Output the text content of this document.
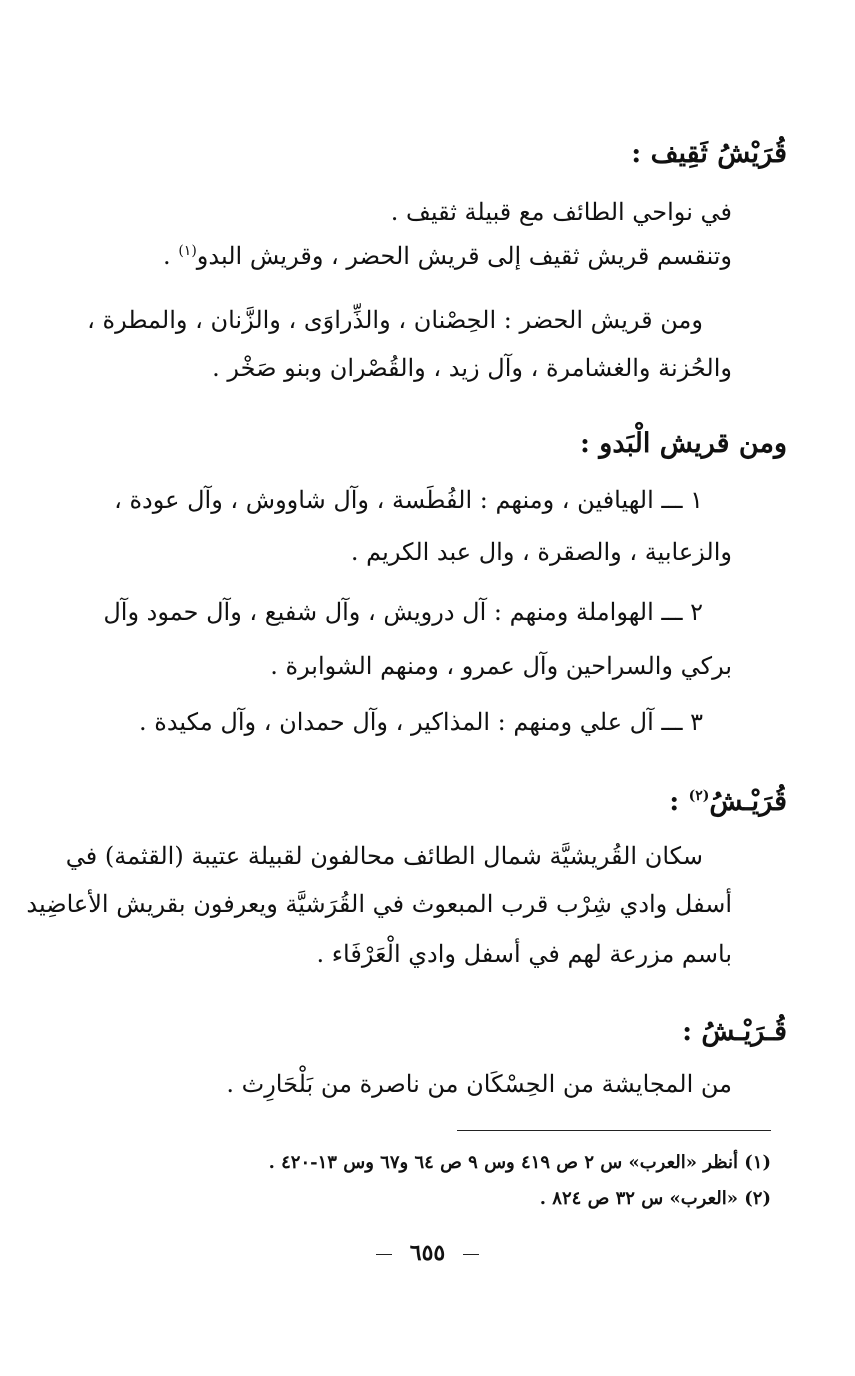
قُرَيْشُ ثَقِيف :
في نواحي الطائف مع قبيلة ثقيف .
وتنقسم قريش ثقيف إلى قريش الحضر ، وقريش البدو$^{(١)}$ .
ومن قريش الحضر : الحِصْنان ، والذِّراوَى ، والزَّنان ، والمطرة ،
والحُزنة والغشامرة ، وآل زيد ، والقُصْران وبنو صَخْر .
ومن قريش الْبَدو :
١ ـــ الهيافين ، ومنهم : الفُطَسة ، وآل شاووش ، وآل عودة ،
والزعابية ، والصقرة ، وال عبد الكريم .
٢ ـــ الهواملة ومنهم : آل درويش ، وآل شفيع ، وآل حمود وآل
بركي والسراحين وآل عمرو ، ومنهم الشوابرة .
٣ ـــ آل علي ومنهم : المذاكير ، وآل حمدان ، وآل مكيدة .
قُرَيْـشُ$^{(٢)}$ :
سكان القُريشيَّة شمال الطائف محالفون لقبيلة عتيبة (القثمة) في
أسفل وادي شِرْب قرب المبعوث في القُرَشيَّة ويعرفون بقريش الأعاضِيد
باسم مزرعة لهم في أسفل وادي الْعَرْفَاء .
قُـرَيْـشُ :
من المجايشة من الحِسْكَان من ناصرة من بَلْحَارِث .
(١) أنظر «العرب» س ٢ ص ٤١٩ وس ٩ ص ٦٤ و٦٧ وس ١٣-٤٢٠ .
(٢) «العرب» س ٣٢ ص ٨٢٤ .
٦٥٥
